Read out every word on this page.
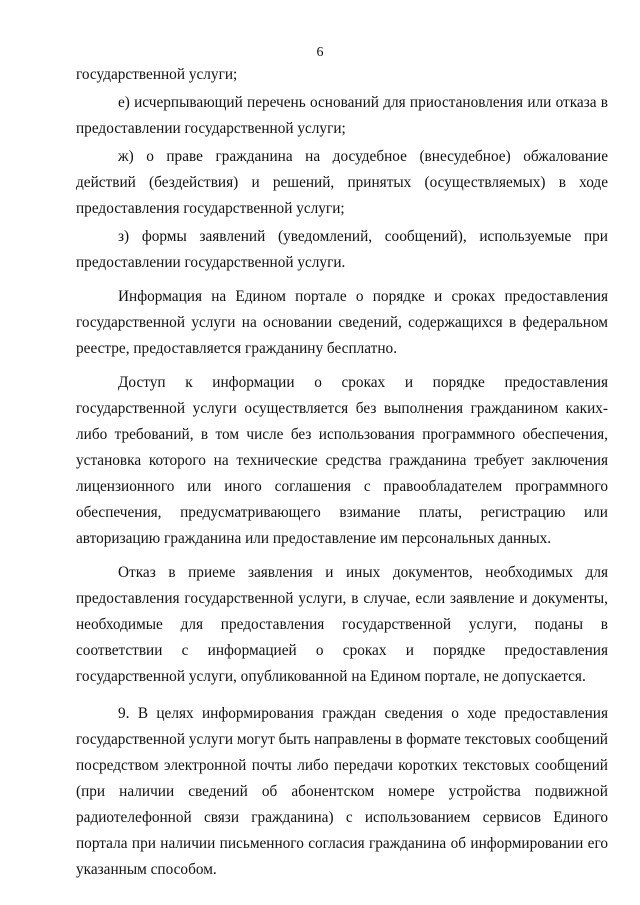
6

государственной услуги;

е) исчерпывающий перечень оснований для приостановления или отказа в предоставлении государственной услуги;

ж) о праве гражданина на досудебное (внесудебное) обжалование действий (бездействия) и решений, принятых (осуществляемых) в ходе предоставления государственной услуги;

з) формы заявлений (уведомлений, сообщений), используемые при предоставлении государственной услуги.

Информация на Едином портале о порядке и сроках предоставления государственной услуги на основании сведений, содержащихся в федеральном реестре, предоставляется гражданину бесплатно.

Доступ к информации о сроках и порядке предоставления государственной услуги осуществляется без выполнения гражданином каких-либо требований, в том числе без использования программного обеспечения, установка которого на технические средства гражданина требует заключения лицензионного или иного соглашения с правообладателем программного обеспечения, предусматривающего взимание платы, регистрацию или авторизацию гражданина или предоставление им персональных данных.

Отказ в приеме заявления и иных документов, необходимых для предоставления государственной услуги, в случае, если заявление и документы, необходимые для предоставления государственной услуги, поданы в соответствии с информацией о сроках и порядке предоставления государственной услуги, опубликованной на Едином портале, не допускается.

9. В целях информирования граждан сведения о ходе предоставления государственной услуги могут быть направлены в формате текстовых сообщений посредством электронной почты либо передачи коротких текстовых сообщений (при наличии сведений об абонентском номере устройства подвижной радиотелефонной связи гражданина) с использованием сервисов Единого портала при наличии письменного согласия гражданина об информировании его указанным способом.
